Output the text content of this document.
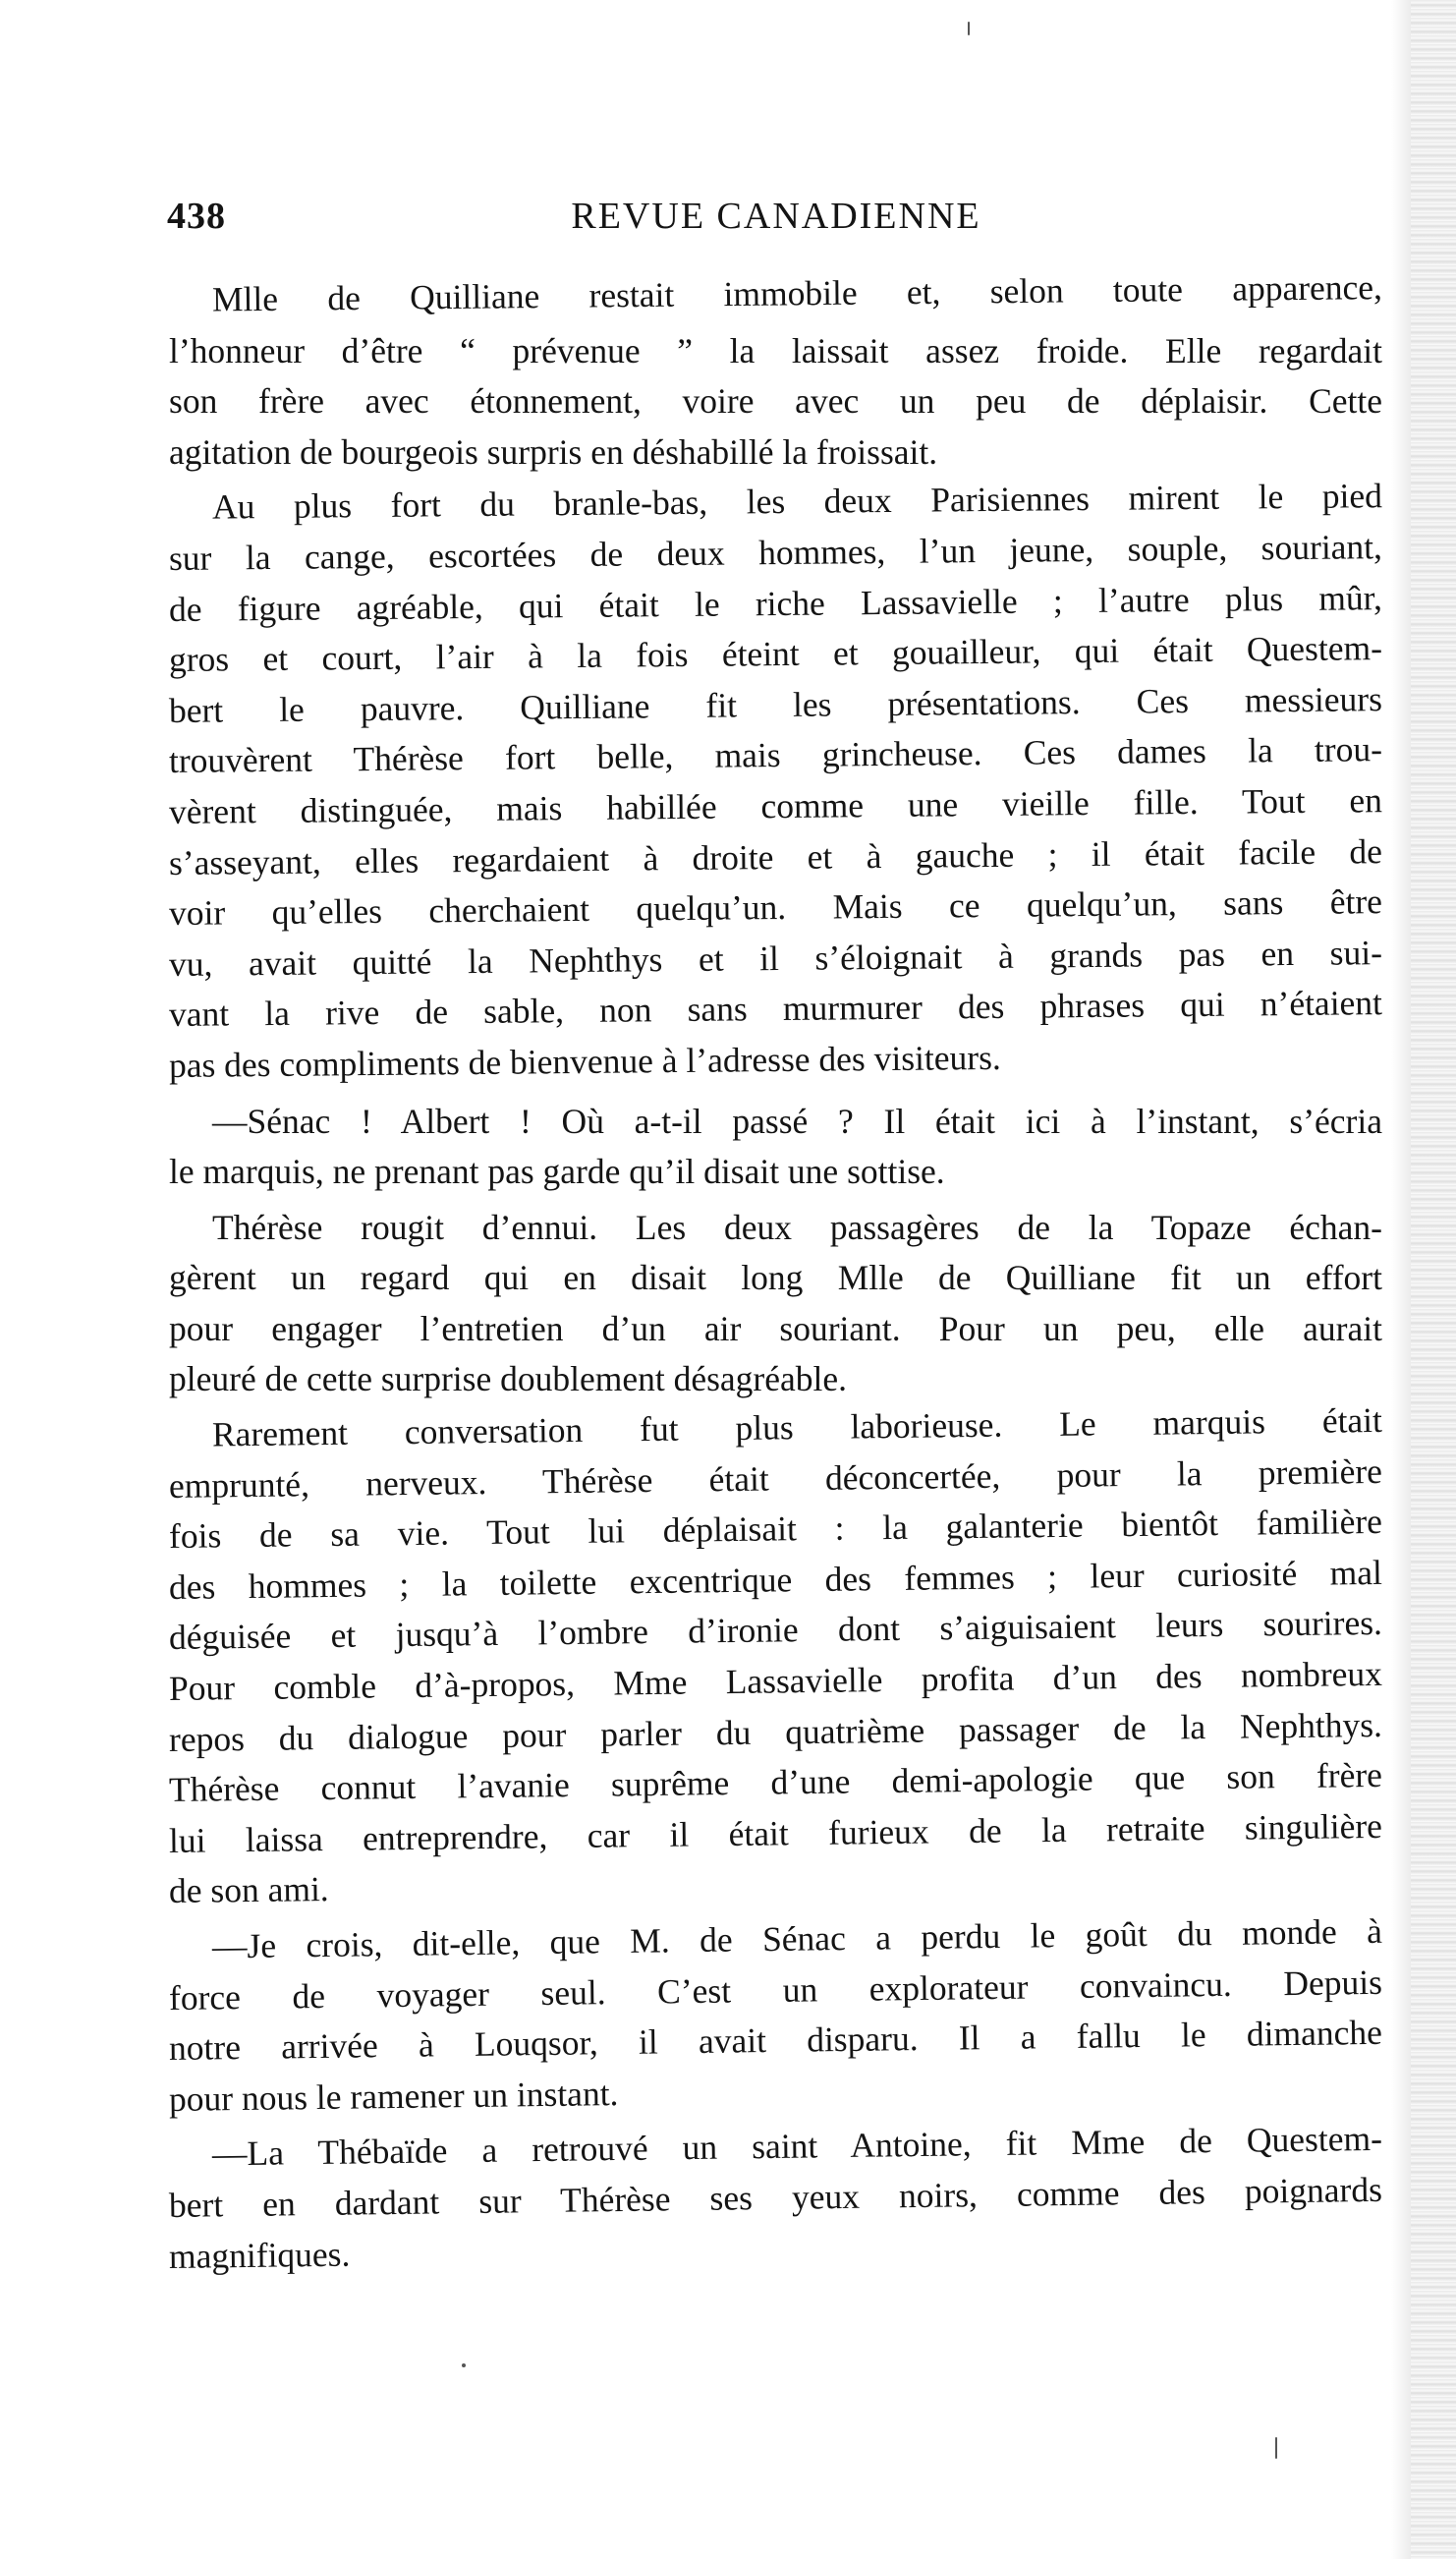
438	REVUE CANADIENNE
Mlle de Quilliane restait immobile et, selon toute apparence,
l’honneur d’être “ prévenue ” la laissait assez froide. Elle regardait
son frère avec étonnement, voire avec un peu de déplaisir. Cette
agitation de bourgeois surpris en déshabillé la froissait.
Au plus fort du branle-bas, les deux Parisiennes mirent le pied
sur la cange, escortées de deux hommes, l’un jeune, souple, souriant,
de figure agréable, qui était le riche Lassavielle ; l’autre plus mûr,
gros et court, l’air à la fois éteint et gouailleur, qui était Questem-
bert le pauvre. Quilliane fit les présentations. Ces messieurs
trouvèrent Thérèse fort belle, mais grincheuse. Ces dames la trou-
vèrent distinguée, mais habillée comme une vieille fille. Tout en
s’asseyant, elles regardaient à droite et à gauche ; il était facile de
voir qu’elles cherchaient quelqu’un. Mais ce quelqu’un, sans être
vu, avait quitté la Nephthys et il s’éloignait à grands pas en sui-
vant la rive de sable, non sans murmurer des phrases qui n’étaient
pas des compliments de bienvenue à l’adresse des visiteurs.
—Sénac ! Albert ! Où a-t-il passé ? Il était ici à l’instant, s’écria
le marquis, ne prenant pas garde qu’il disait une sottise.
Thérèse rougit d’ennui. Les deux passagères de la Topaze échan-
gèrent un regard qui en disait long Mlle de Quilliane fit un effort
pour engager l’entretien d’un air souriant. Pour un peu, elle aurait
pleuré de cette surprise doublement désagréable.
Rarement conversation fut plus laborieuse. Le marquis était
emprunté, nerveux. Thérèse était déconcertée, pour la première
fois de sa vie. Tout lui déplaisait : la galanterie bientôt familière
des hommes ; la toilette excentrique des femmes ; leur curiosité mal
déguisée et jusqu’à l’ombre d’ironie dont s’aiguisaient leurs sourires.
Pour comble d’à-propos, Mme Lassavielle profita d’un des nombreux
repos du dialogue pour parler du quatrième passager de la Nephthys.
Thérèse connut l’avanie suprême d’une demi-apologie que son frère
lui laissa entreprendre, car il était furieux de la retraite singulière
de son ami.
—Je crois, dit-elle, que M. de Sénac a perdu le goût du monde à
force de voyager seul. C’est un explorateur convaincu. Depuis
notre arrivée à Louqsor, il avait disparu. Il a fallu le dimanche
pour nous le ramener un instant.
—La Thébaïde a retrouvé un saint Antoine, fit Mme de Questem-
bert en dardant sur Thérèse ses yeux noirs, comme des poignards
magnifiques.
